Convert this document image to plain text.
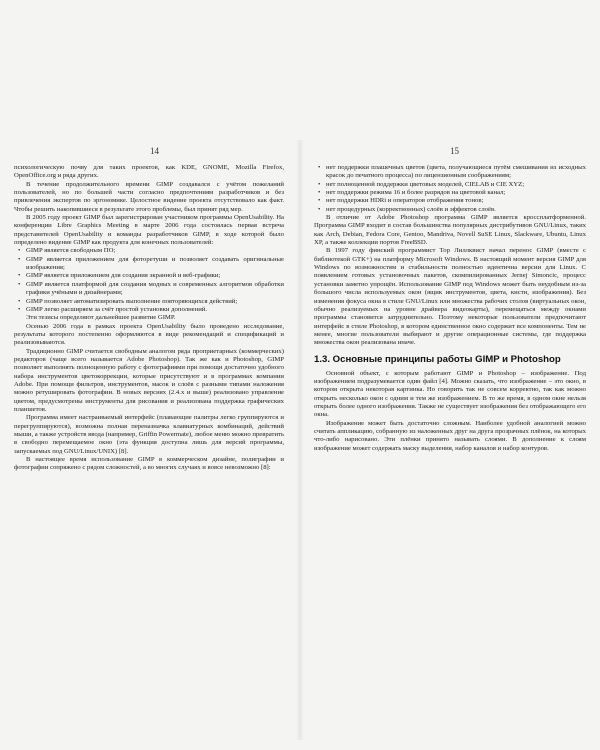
14

психологическую почву для таких проектов, как KDE, GNOME, Mozilla Firefox, OpenOffice.org и ряда других.

В течение продолжительного времени GIMP создавался с учётом пожеланий пользователей, но по большей части согласно предпочтениям разработчиков и без привлечения экспертов по эргономике. Целостное видение проекта отсутствовало как факт. Чтобы решить накопившиеся в результате этого проблемы, был принят ряд мер.

В 2005 году проект GIMP был зарегистрирован участником программы OpenUsability. На конференции Libre Graphics Meeting в марте 2006 года состоялась первая встреча представителей OpenUsability и команды разработчиков GIMP, в ходе которой было определено видение GIMP как продукта для конечных пользователей:

• GIMP является свободным ПО;
• GIMP является приложением для фоторетуши и позволяет создавать оригинальные изображения;
• GIMP является приложением для создания экранной и веб-графики;
• GIMP является платформой для создания модных и современных алгоритмов обработки графики учёными и дизайнерами;
• GIMP позволяет автоматизировать выполнение повторяющихся действий;
• GIMP легко расширяем за счёт простой установки дополнений.

Эти тезисы определяют дальнейшее развитие GIMP.

Осенью 2006 года в рамках проекта OpenUsability было проведено исследование, результаты которого постепенно оформляются в виде рекомендаций и спецификаций и реализовываются.

Традиционно GIMP считается свободным аналогом ряда проприетарных (коммерческих) редакторов (чаще всего называется Adobe Photoshop). Так же как и Photoshop, GIMP позволяет выполнять полноценную работу с фотографиями при помощи достаточно удобного набора инструментов цветокоррекции, которые присутствуют и в программах компании Adobe. При помощи фильтров, инструментов, масок и слоёв с разными типами наложения можно ретушировать фотографии. В новых версиях (2.4.x и выше) реализовано управление цветом, предусмотрены инструменты для рисования и реализована поддержка графических планшетов.

Программа имеет настраиваемый интерфейс (плавающие палитры легко группируются и перегруппируются), возможна полная переназначка клавиатурных комбинаций, действий мыши, а также устройств ввода (например, Griffin Powermate), любое меню можно превратить в свободно перемещаемое окно (эта функция доступна лишь для версий программы, запускаемых под GNU/Linux/UNIX) [8].

В настоящее время использование GIMP в коммерческом дизайне, полиграфии и фотографии сопряжено с рядом сложностей, а во многих случаях и вовсе невозможно [8]:

15
• нет поддержки плашечных цветов (цвета, получающиеся путём смешивания из исходных красок до печатного процесса) по лицензионным соображениям;
• нет полноценной поддержки цветовых моделей, CIELAB и CIE XYZ;
• нет поддержки режима 16 и более разрядов на цветовой канал;
• нет поддержки HDRi и операторов отображения тонов;
• нет процедурных (корректионных) слоёв и эффектов слоёв.

В отличие от Adobe Photoshop программа GIMP является кроссплатформенной. Программа GIMP входит в состав большинства популярных дистрибутивов GNU/Linux, таких как Arch, Debian, Fedora Core, Gentoo, Mandriva, Novell SuSE Linux, Slackware, Ubuntu, Linux XP, а также коллекции портов FreeBSD.

В 1997 году финский программист Тор Лиллквист начал перенос GIMP (вместе с библиотекой GTK+) на платформу Microsoft Windows. В настоящий момент версия GIMP для Windows по возможностям и стабильности полностью идентична версии для Linux. С появлением готовых установочных пакетов, скомпилированных Jernej Simoncic, процесс установки заметно упрощён. Использование GIMP под Windows может быть неудобным из-за большого числа используемых окон (ящик инструментов, цвета, кисти, изображения). Без изменения фокуса окна в стиле GNU/Linux или множества рабочих столов (виртуальных окон, обычно реализуемых на уровне драйвера видеокарты), перемещаться между окнами программы становится затруднительно. Поэтому некоторые пользователи предпочитают интерфейс в стиле Photoshop, в котором единственное окно содержит все компоненты. Тем не менее, многие пользователи выбирают и другие операционные системы, где поддержка множества окон реализована иначе.

1.3. Основные принципы работы GIMP и Photoshop

Основной объект, с которым работают GIMP и Photoshop – изображение. Под изображением подразумевается один файл [4]. Можно сказать, что изображение – это окно, в котором открыта некоторая картинка. Но говорить так не совсем корректно, так как можно открыть несколько окон с одним и тем же изображением. В то же время, в одном окне нельзя открыть более одного изображения. Также не существует изображения без отображающего его окна.

Изображение может быть достаточно сложным. Наиболее удобной аналогией можно считать аппликацию, собранную из наложенных друг на друга прозрачных плёнок, на которых что-либо нарисовано. Эти плёнки принято называть слоями. В дополнение к слоям изображение может содержать маску выделения, набор каналов и набор контуров.
